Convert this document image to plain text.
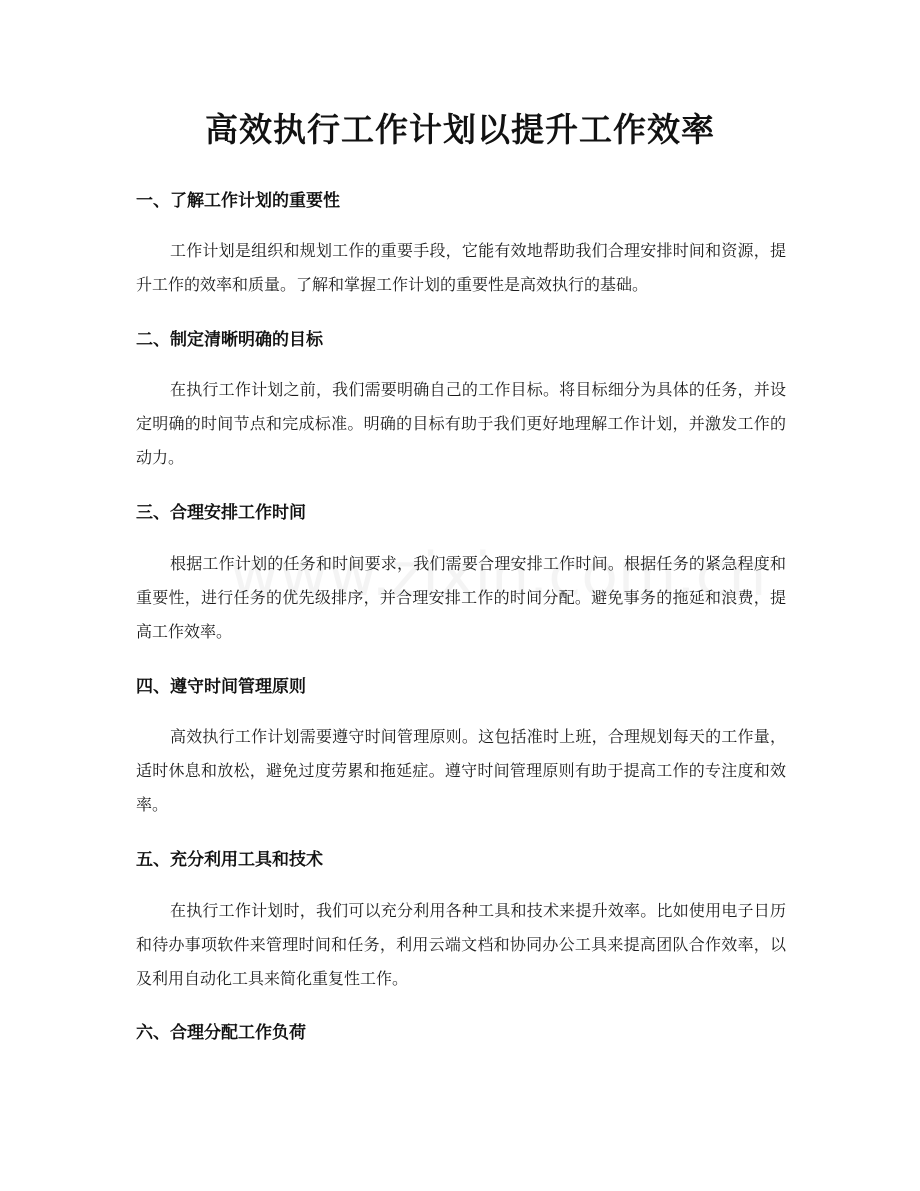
高效执行工作计划以提升工作效率
一、了解工作计划的重要性

工作计划是组织和规划工作的重要手段，它能有效地帮助我们合理安排时间和资源，提升工作的效率和质量。了解和掌握工作计划的重要性是高效执行的基础。

二、制定清晰明确的目标

在执行工作计划之前，我们需要明确自己的工作目标。将目标细分为具体的任务，并设定明确的时间节点和完成标准。明确的目标有助于我们更好地理解工作计划，并激发工作的动力。

三、合理安排工作时间

根据工作计划的任务和时间要求，我们需要合理安排工作时间。根据任务的紧急程度和重要性，进行任务的优先级排序，并合理安排工作的时间分配。避免事务的拖延和浪费，提高工作效率。

四、遵守时间管理原则

高效执行工作计划需要遵守时间管理原则。这包括准时上班，合理规划每天的工作量，适时休息和放松，避免过度劳累和拖延症。遵守时间管理原则有助于提高工作的专注度和效率。

五、充分利用工具和技术

在执行工作计划时，我们可以充分利用各种工具和技术来提升效率。比如使用电子日历和待办事项软件来管理时间和任务，利用云端文档和协同办公工具来提高团队合作效率，以及利用自动化工具来简化重复性工作。

六、合理分配工作负荷
